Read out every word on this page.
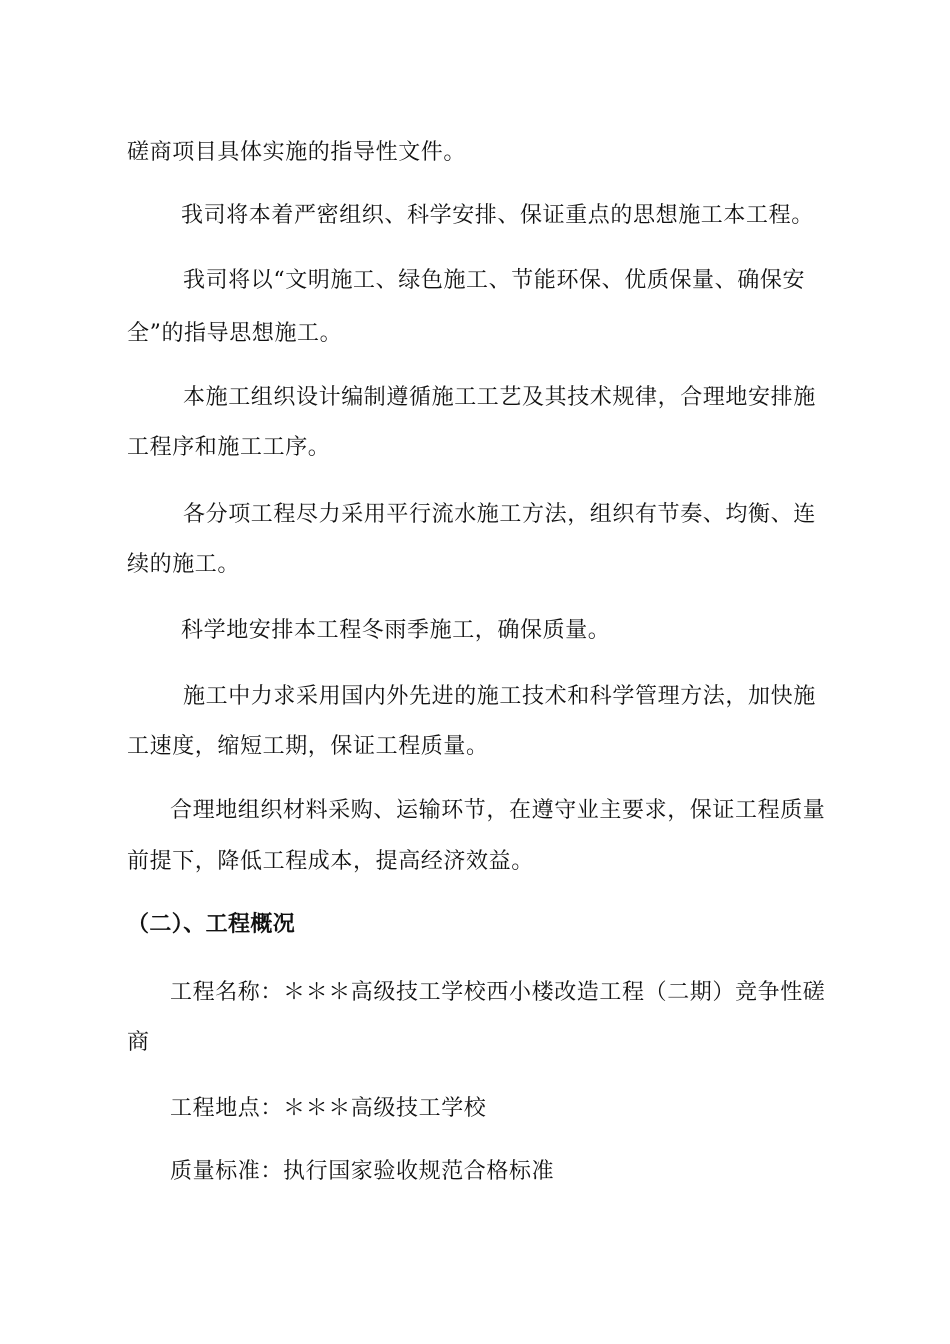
磋商项目具体实施的指导性文件。
我司将本着严密组织、科学安排、保证重点的思想施工本工程。
我司将以“文明施工、绿色施工、节能环保、优质保量、确保安
全”的指导思想施工。
本施工组织设计编制遵循施工工艺及其技术规律，合理地安排施
工程序和施工工序。
各分项工程尽力采用平行流水施工方法，组织有节奏、均衡、连
续的施工。
科学地安排本工程冬雨季施工，确保质量。
施工中力求采用国内外先进的施工技术和科学管理方法，加快施
工速度，缩短工期，保证工程质量。
合理地组织材料采购、运输环节，在遵守业主要求，保证工程质量
前提下，降低工程成本，提高经济效益。
（二）、工程概况
工程名称：＊＊＊高级技工学校西小楼改造工程（二期）竞争性磋
商
工程地点：＊＊＊高级技工学校
质量标准：执行国家验收规范合格标准
